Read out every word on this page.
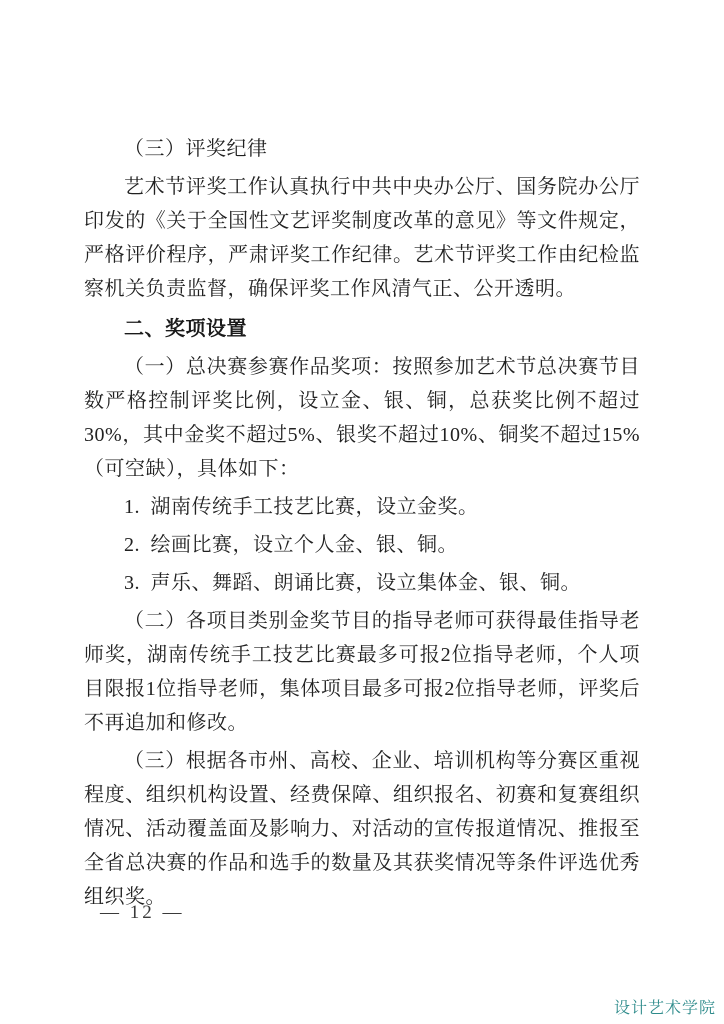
（三）评奖纪律

艺术节评奖工作认真执行中共中央办公厅、国务院办公厅印发的《关于全国性文艺评奖制度改革的意见》等文件规定，严格评价程序，严肃评奖工作纪律。艺术节评奖工作由纪检监察机关负责监督，确保评奖工作风清气正、公开透明。

二、奖项设置

（一）总决赛参赛作品奖项：按照参加艺术节总决赛节目数严格控制评奖比例，设立金、银、铜，总获奖比例不超过30%，其中金奖不超过5%、银奖不超过10%、铜奖不超过15%（可空缺），具体如下：

1. 湖南传统手工技艺比赛，设立金奖。

2. 绘画比赛，设立个人金、银、铜。

3. 声乐、舞蹈、朗诵比赛，设立集体金、银、铜。

（二）各项目类别金奖节目的指导老师可获得最佳指导老师奖，湖南传统手工技艺比赛最多可报2位指导老师，个人项目限报1位指导老师，集体项目最多可报2位指导老师，评奖后不再追加和修改。

（三）根据各市州、高校、企业、培训机构等分赛区重视程度、组织机构设置、经费保障、组织报名、初赛和复赛组织情况、活动覆盖面及影响力、对活动的宣传报道情况、推报至全省总决赛的作品和选手的数量及其获奖情况等条件评选优秀组织奖。

— 12 —
设计艺术学院
